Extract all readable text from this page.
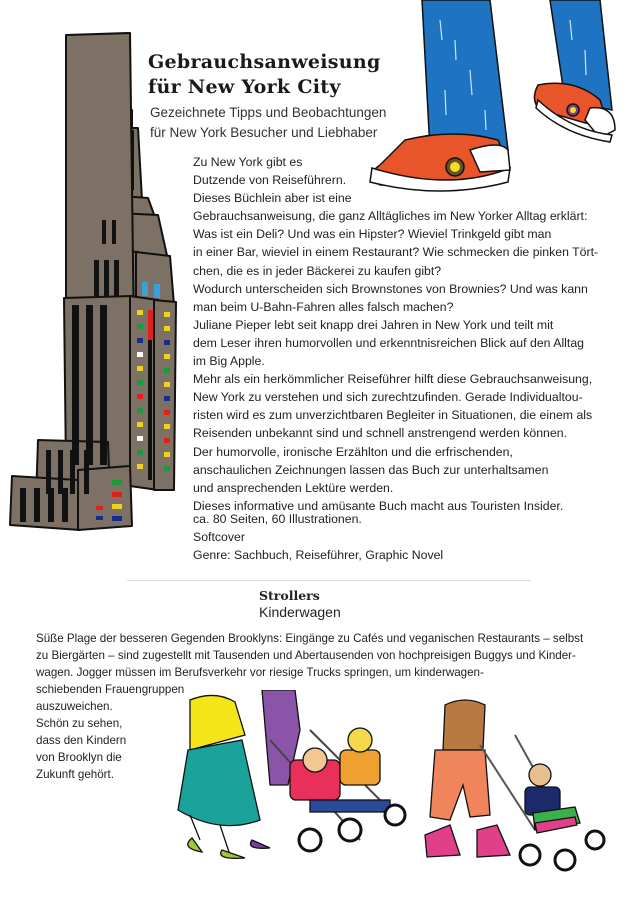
Gebrauchsanweisung
für New York City
Gezeichnete Tipps und Beobachtungen
für New York Besucher und Liebhaber
Zu New York gibt es
Dutzende von Reiseführern.
Dieses Büchlein aber ist eine
Gebrauchsanweisung, die ganz Alltägliches im New Yorker Alltag erklärt:
Was ist ein Deli? Und was ein Hipster? Wieviel Trinkgeld gibt man
in einer Bar, wieviel in einem Restaurant? Wie schmecken die pinken Tört-
chen, die es in jeder Bäckerei zu kaufen gibt?
Wodurch unterscheiden sich Brownstones von Brownies? Und was kann
man beim U-Bahn-Fahren alles falsch machen?
Juliane Pieper lebt seit knapp drei Jahren in New York und teilt mit
dem Leser ihren humorvollen und erkenntnisreichen Blick auf den Alltag
im Big Apple.
Mehr als ein herkömmlicher Reiseführer hilft diese Gebrauchsanweisung,
New York zu verstehen und sich zurechtzufinden. Gerade Individualtou-
risten wird es zum unverzichtbaren Begleiter in Situationen, die einem als
Reisenden unbekannt sind und schnell anstrengend werden können.
Der humorvolle, ironische Erzählton und die erfrischenden,
anschaulichen Zeichnungen lassen das Buch zur unterhaltsamen
und ansprechenden Lektüre werden.
Dieses informative und amüsante Buch macht aus Touristen Insider.
ca. 80 Seiten, 60 Illustrationen.
Softcover
Genre: Sachbuch, Reiseführer, Graphic Novel
Strollers
Kinderwagen
Süße Plage der besseren Gegenden Brooklyns: Eingänge zu Cafés und veganischen Restaurants – selbst
zu Biergärten – sind zugestellt mit Tausenden und Abertausenden von hochpreisigen Buggys und Kinder-
wagen. Jogger müssen im Berufsverkehr vor riesige Trucks springen, um kinderwagen-
schiebenden Frauengruppen
auszuweichen.
Schön zu sehen,
dass den Kindern
von Brooklyn die
Zukunft gehört.
